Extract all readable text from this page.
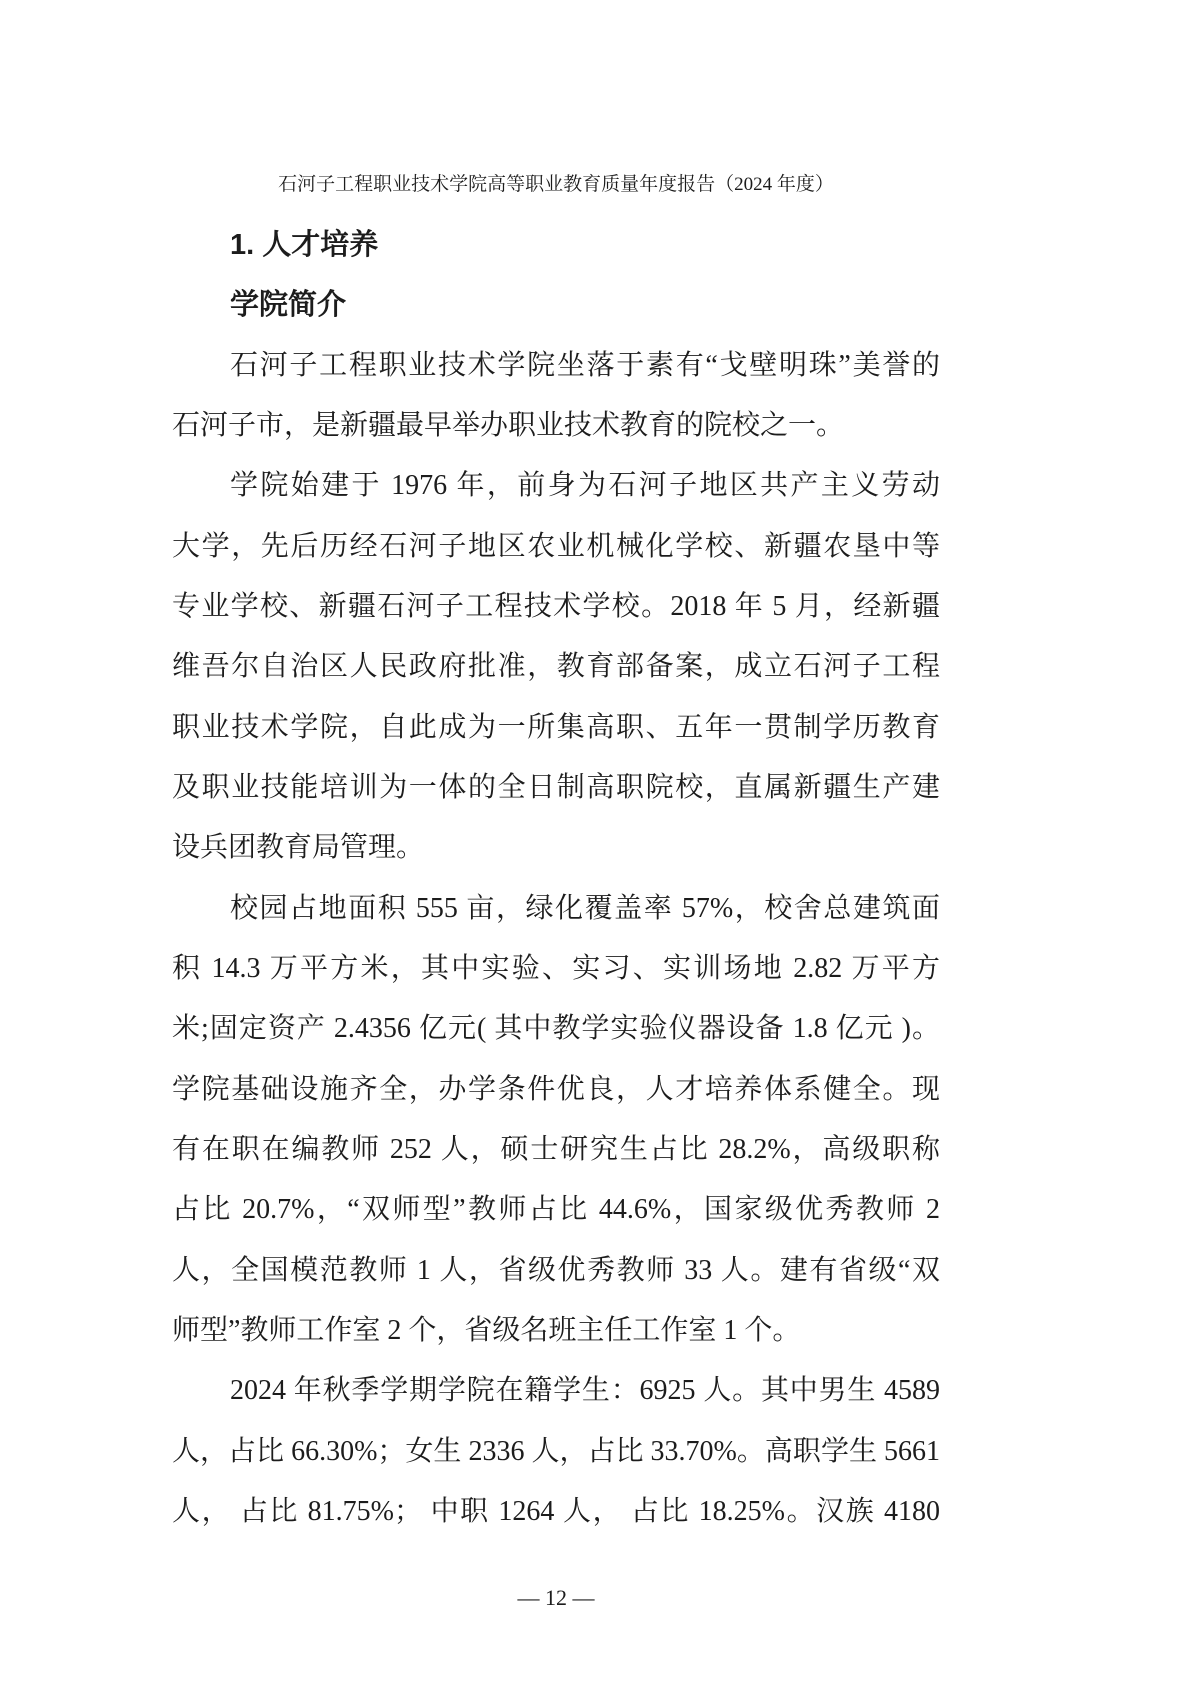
石河子工程职业技术学院高等职业教育质量年度报告（2024 年度）
1. 人才培养
学院简介
石河子工程职业技术学院坐落于素有“戈壁明珠”美誉的
石河子市，是新疆最早举办职业技术教育的院校之一。
学院始建于 1976 年，前身为石河子地区共产主义劳动
大学，先后历经石河子地区农业机械化学校、新疆农垦中等
专业学校、新疆石河子工程技术学校。2018 年 5 月，经新疆
维吾尔自治区人民政府批准，教育部备案，成立石河子工程
职业技术学院，自此成为一所集高职、五年一贯制学历教育
及职业技能培训为一体的全日制高职院校，直属新疆生产建
设兵团教育局管理。
校园占地面积 555 亩，绿化覆盖率 57%，校舍总建筑面
积 14.3 万平方米，其中实验、实习、实训场地 2.82 万平方
米;固定资产 2.4356 亿元( 其中教学实验仪器设备 1.8 亿元 )。
学院基础设施齐全，办学条件优良，人才培养体系健全。现
有在职在编教师 252 人，硕士研究生占比 28.2%，高级职称
占比 20.7%，“双师型”教师占比 44.6%，国家级优秀教师 2
人，全国模范教师 1 人，省级优秀教师 33 人。建有省级“双
师型”教师工作室 2 个，省级名班主任工作室 1 个。
2024 年秋季学期学院在籍学生：6925 人。其中男生 4589
人，占比 66.30%；女生 2336 人，占比 33.70%。高职学生 5661
人， 占比 81.75%； 中职 1264 人， 占比 18.25%。汉族 4180
— 12 —
